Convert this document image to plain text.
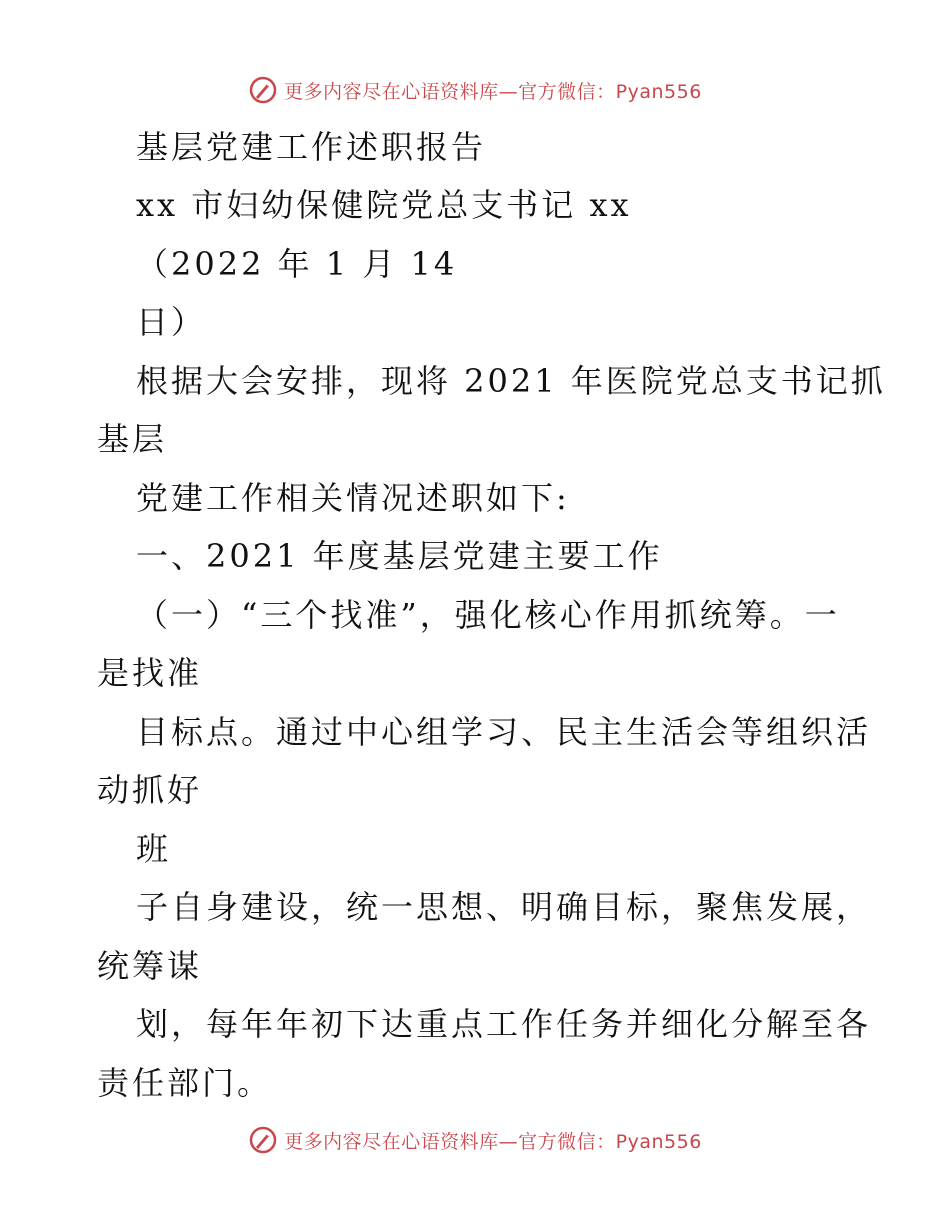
更多内容尽在心语资料库—官方微信：Pyan556
基层党建工作述职报告
xx 市妇幼保健院党总支书记 xx
（2022 年 1 月 14
日）
根据大会安排，现将 2021 年医院党总支书记抓
基层
党建工作相关情况述职如下:
一、2021 年度基层党建主要工作
（一）“三个找准”，强化核心作用抓统筹。一
是找准
目标点。通过中心组学习、民主生活会等组织活
动抓好
班
子自身建设，统一思想、明确目标，聚焦发展，
统筹谋
划，每年年初下达重点工作任务并细化分解至各
责任部门。
更多内容尽在心语资料库—官方微信：Pyan556
